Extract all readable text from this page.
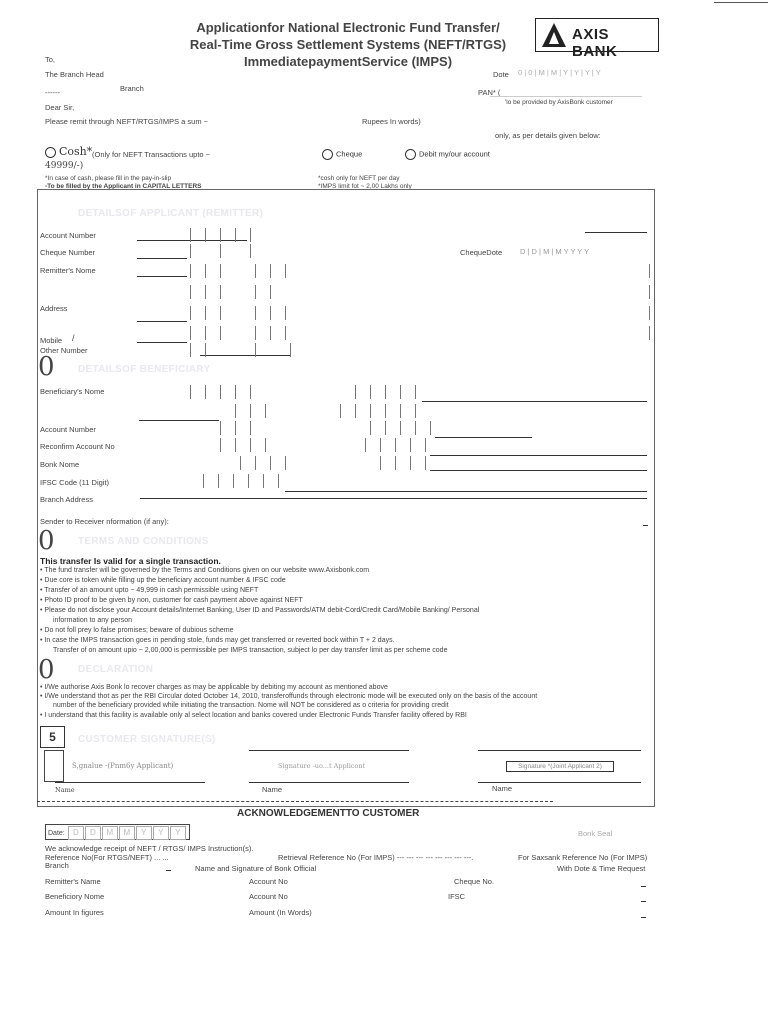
Applicationfor National Electronic Fund Transfer/
Real-Time Gross Settlement Systems (NEFT/RTGS)
ImmediatepaymentService (IMPS)
AXIS BANK
To,
The Branch Head
------	Branch
Dear Sir,
Please remit through NEFT/RTGS/IMPS a sum ~	Rupees In words)
only, as per details given below:
Dote 0 | 0 | M | M | Y | Y | Y | Y
PAN* (
'lo be provided by AxisBonk customer
Cosh* (Only for NEFT Transactions upto ~
49999/-)
Cheque	Debit my/our account
*In case of cash, please fill in the pay-in-slip
-To be filled by the Applicant in CAPITAL LETTERS
*cosh only for NEFT per day
*IMPS limit fot ~ 2,00 Lakhs only
DETAILSOF APPLICANT (REMITTER)
Account Number
Cheque Number	ChequeDote D | D | M | M Y Y Y Y
Remitter's Nome
Address
Mobile /
Other Number
0 DETAILSOF BENEFICIARY
Beneficiary's Nome
Account Number
Reconfirm Account No
Bonk Nome
IFSC Code (11 Digit)
Branch Address
Sender to Receiver nformation (if any):
0 TERMS AND CONDITIONS
This transfer Is valid for a single transaction.
• The fund transfer will be governed by the Terms and Conditions given on our website www.Axisbonk.com
• Due core is token while filling up the beneficiary account number & IFSC code
• Transfer of an amount upto ~ 49,999 in cash permissible using NEFT
• Photo ID proof to be given by non, customer for cash payment above against NEFT
• Please do not disclose your Account details/Internet Banking, User ID and Passwords/ATM debit-Cord/Credit Card/Mobile Banking/ Personal
information to any person
• Do not foll prey lo false promises; beware of dubious scheme
• In case the IMPS transaction goes in pending stole, funds may get transferred or reverted bock within T + 2 days.
Transfer of on amount upio ~ 2,00,000 is permissible per IMPS transaction, subject lo per day transfer limit as per scheme code
0 DECLARATION
• I/We authorise Axis Bonk lo recover charges as may be applicable by debiting my account as mentioned above
• I/We understand thot as per the RBI Circular doted October 14, 2010, transferoffunds through electronic mode will be executed only on the basis of the account
number of the beneficiary provided while initiating the transaction. Nome will NOT be considered as o criteria for providing credit
• I understand that this facility is available only al select location and banks covered under Electronic Funds Transfer facility offered by RBI
5	CUSTOMER SIGNATURE(S)
S,gnalue -(Pnm6y Applicant)	Signature -uo...t Applicont	Signature *(Joint Applicant 2)
Name	Name	Name
ACKNOWLEDGEMENTTO CUSTOMER
Date: D D M M Y Y Y	Bonk Seal
We acknowledge receipt of NEFT / RTGS/ IMPS Instruction(s).
Reference No(For RTGS/NEFT) ... ...	Retrieval Reference No (For IMPS) --- --- --- --- --- --- --- ---.	For Saxsank Reference No (For IMPS)
Branch	Name and Signature of Bonk Official	With Dote & Time Request
Remitter's Name	Account No	Cheque No.
Beneficiory Nome	Account No	IFSC
Amount In figures	Amount (In Words)
